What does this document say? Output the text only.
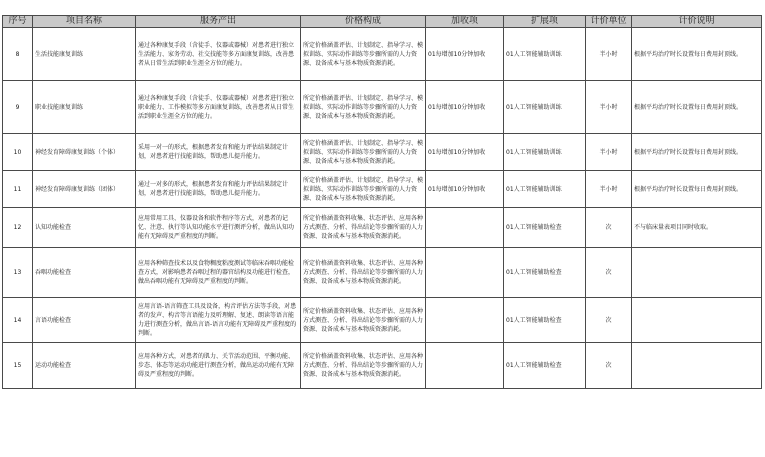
序号	项目名称	服务产出	价格构成	加收项	扩展项	计价单位	计价说明
8	生活技能康复训练	通过各种康复手段（含徒手、仪器或器械）对患者进行独立生活能力、家务劳动、社交技能等多方面康复训练，改善患者从日常生活到职业生涯全方位的能力。	所定价格涵盖评估、计划制定、指导学习、模拟训练、实际动作训练等步骤所需的人力资源、设备成本与基本物质资源消耗。	01每增加10分钟加收	01人工智能辅助训练	半小时	根据平均治疗时长设置每日费用封顶线。
9	职业技能康复训练	通过各种康复手段（含徒手、仪器或器械）对患者进行独立职业能力、工作模拟等多方面康复训练，改善患者从日常生活到职业生涯全方位的能力。	所定价格涵盖评估、计划制定、指导学习、模拟训练、实际动作训练等步骤所需的人力资源、设备成本与基本物质资源消耗。	01每增加10分钟加收	01人工智能辅助训练	半小时	根据平均治疗时长设置每日费用封顶线。
10	神经发育障碍康复训练（个体）	采用一对一的形式，根据患者发育和能力评估结果制定计划，对患者进行技能训练，帮助患儿提升能力。	所定价格涵盖评估、计划制定、指导学习、模拟训练、实际动作训练等步骤所需的人力资源、设备成本与基本物质资源消耗。	01每增加10分钟加收	01人工智能辅助训练	半小时	根据平均治疗时长设置每日费用封顶线。
11	神经发育障碍康复训练（团体）	通过一对多的形式，根据患者发育和能力评估结果制定计划，对患者进行技能训练，帮助患儿提升能力。	所定价格涵盖评估、计划制定、指导学习、模拟训练、实际动作训练等步骤所需的人力资源、设备成本与基本物质资源消耗。	01每增加10分钟加收	01人工智能辅助训练	半小时	根据平均治疗时长设置每日费用封顶线。
12	认知功能检查	应用常用工具、仪器设备和软件程序等方式，对患者的记忆、注意、执行等认知功能水平进行测评分析，做出认知功能有无障碍及严重程度的判断。	所定价格涵盖资料收集、状态评估、应用各种方式测查、分析、得出结论等步骤所需的人力资源、设备成本与基本物质资源消耗。		01人工智能辅助检查	次	不与临床量表项目同时收取。
13	吞咽功能检查	应用各种筛查技术以及食物稠度粘度测试等临床吞咽功能检查方式，对影响患者吞咽过程的器官结构及功能进行检查，做出吞咽功能有无障碍及严重程度的判断。	所定价格涵盖资料收集、状态评估、应用各种方式测查、分析、得出结论等步骤所需的人力资源、设备成本与基本物质资源消耗。		01人工智能辅助检查	次	
14	言语功能检查	应用言语-语言筛查工具及设备，构音评估方法等手段，对患者的发声、构音等言语能力及听理解、复述、朗读等语言能力进行测查分析，做出言语-语言功能有无障碍及严重程度的判断。	所定价格涵盖资料收集、状态评估、应用各种方式测查、分析、得出结论等步骤所需的人力资源、设备成本与基本物质资源消耗。		01人工智能辅助检查	次	
15	运动功能检查	应用各种方式，对患者的肌力、关节活动范围、平衡功能、步态、体态等运动功能进行测查分析，做出运动功能有无障碍及严重程度的判断。	所定价格涵盖资料收集、状态评估、应用各种方式测查、分析、得出结论等步骤所需的人力资源、设备成本与基本物质资源消耗。		01人工智能辅助检查	次	
